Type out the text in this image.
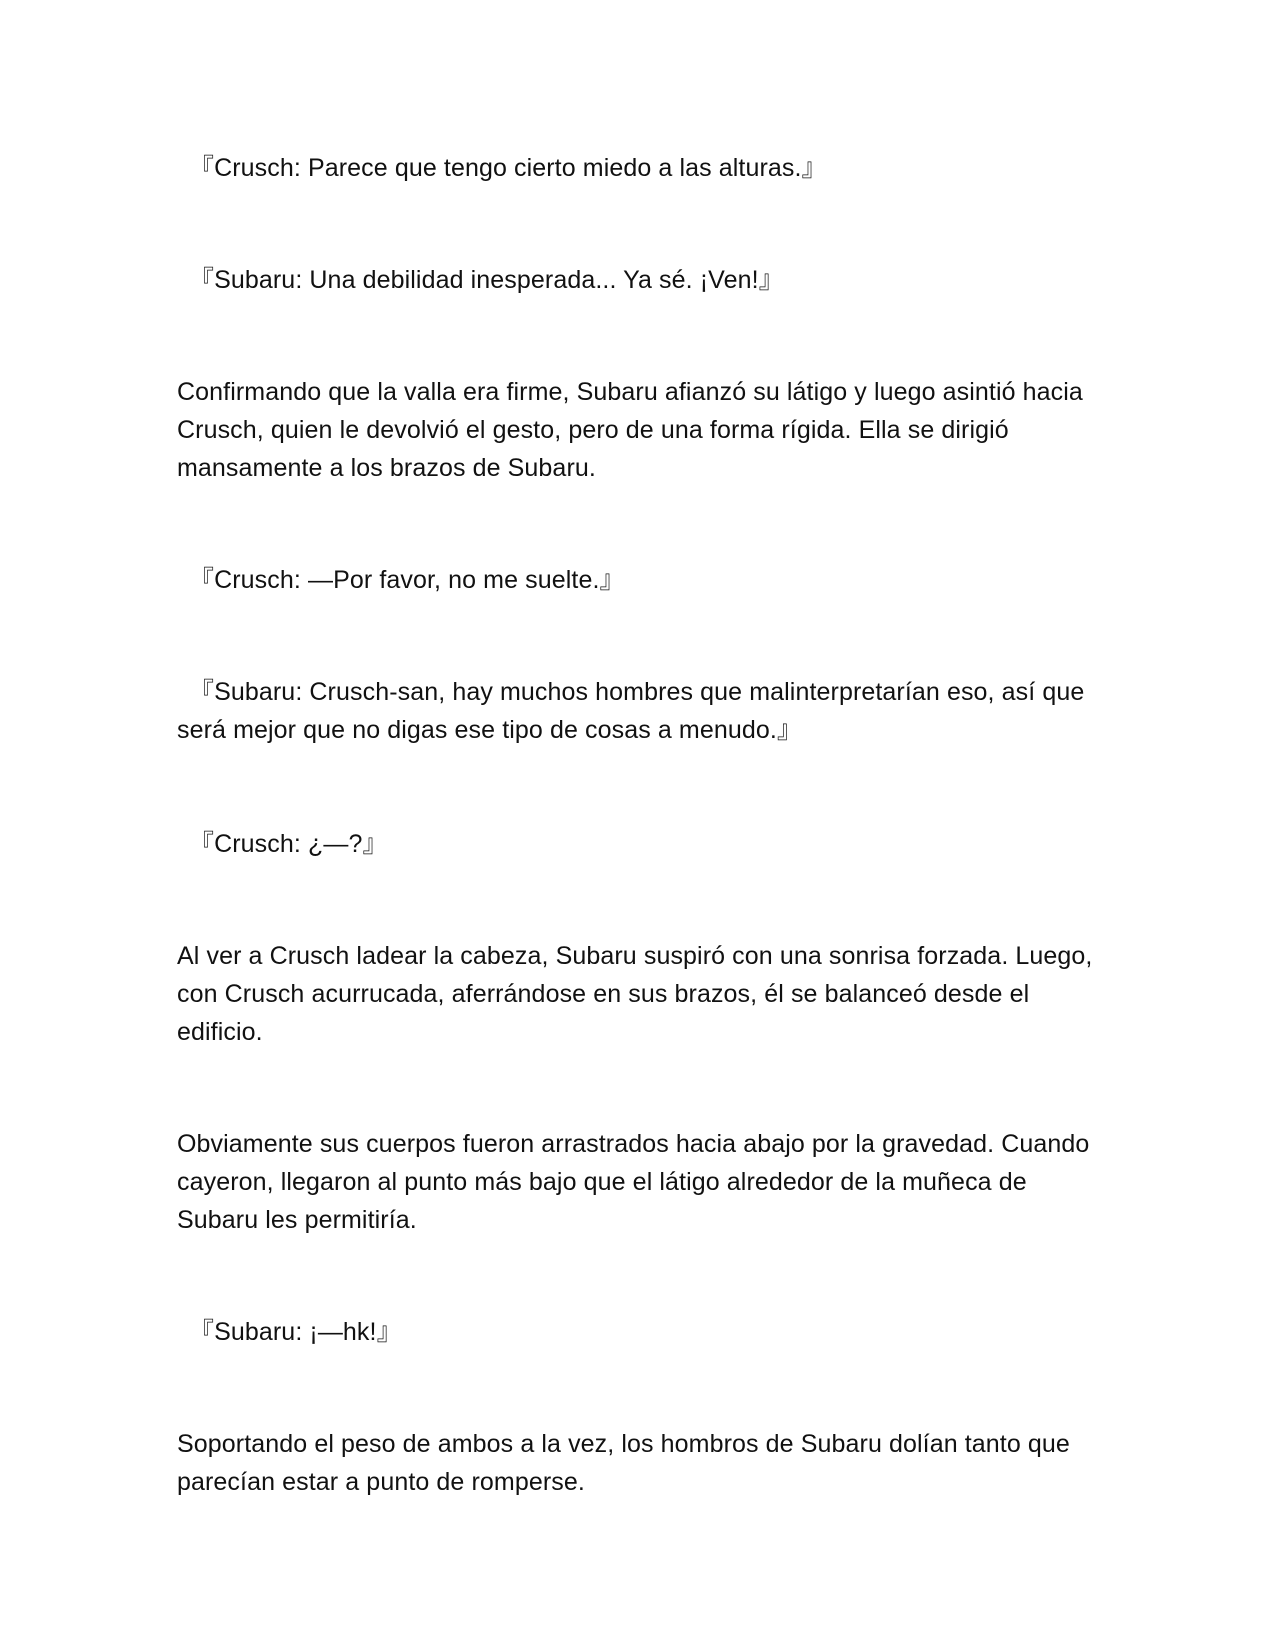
『Crusch: Parece que tengo cierto miedo a las alturas.』

『Subaru: Una debilidad inesperada... Ya sé. ¡Ven!』

Confirmando que la valla era firme, Subaru afianzó su látigo y luego asintió hacia Crusch, quien le devolvió el gesto, pero de una forma rígida. Ella se dirigió mansamente a los brazos de Subaru.

『Crusch: —Por favor, no me suelte.』

『Subaru: Crusch-san, hay muchos hombres que malinterpretarían eso, así que será mejor que no digas ese tipo de cosas a menudo.』

『Crusch: ¿—?』

Al ver a Crusch ladear la cabeza, Subaru suspiró con una sonrisa forzada. Luego, con Crusch acurrucada, aferrándose en sus brazos, él se balanceó desde el edificio.

Obviamente sus cuerpos fueron arrastrados hacia abajo por la gravedad. Cuando cayeron, llegaron al punto más bajo que el látigo alrededor de la muñeca de Subaru les permitiría.

『Subaru: ¡—hk!』

Soportando el peso de ambos a la vez, los hombros de Subaru dolían tanto que parecían estar a punto de romperse.
